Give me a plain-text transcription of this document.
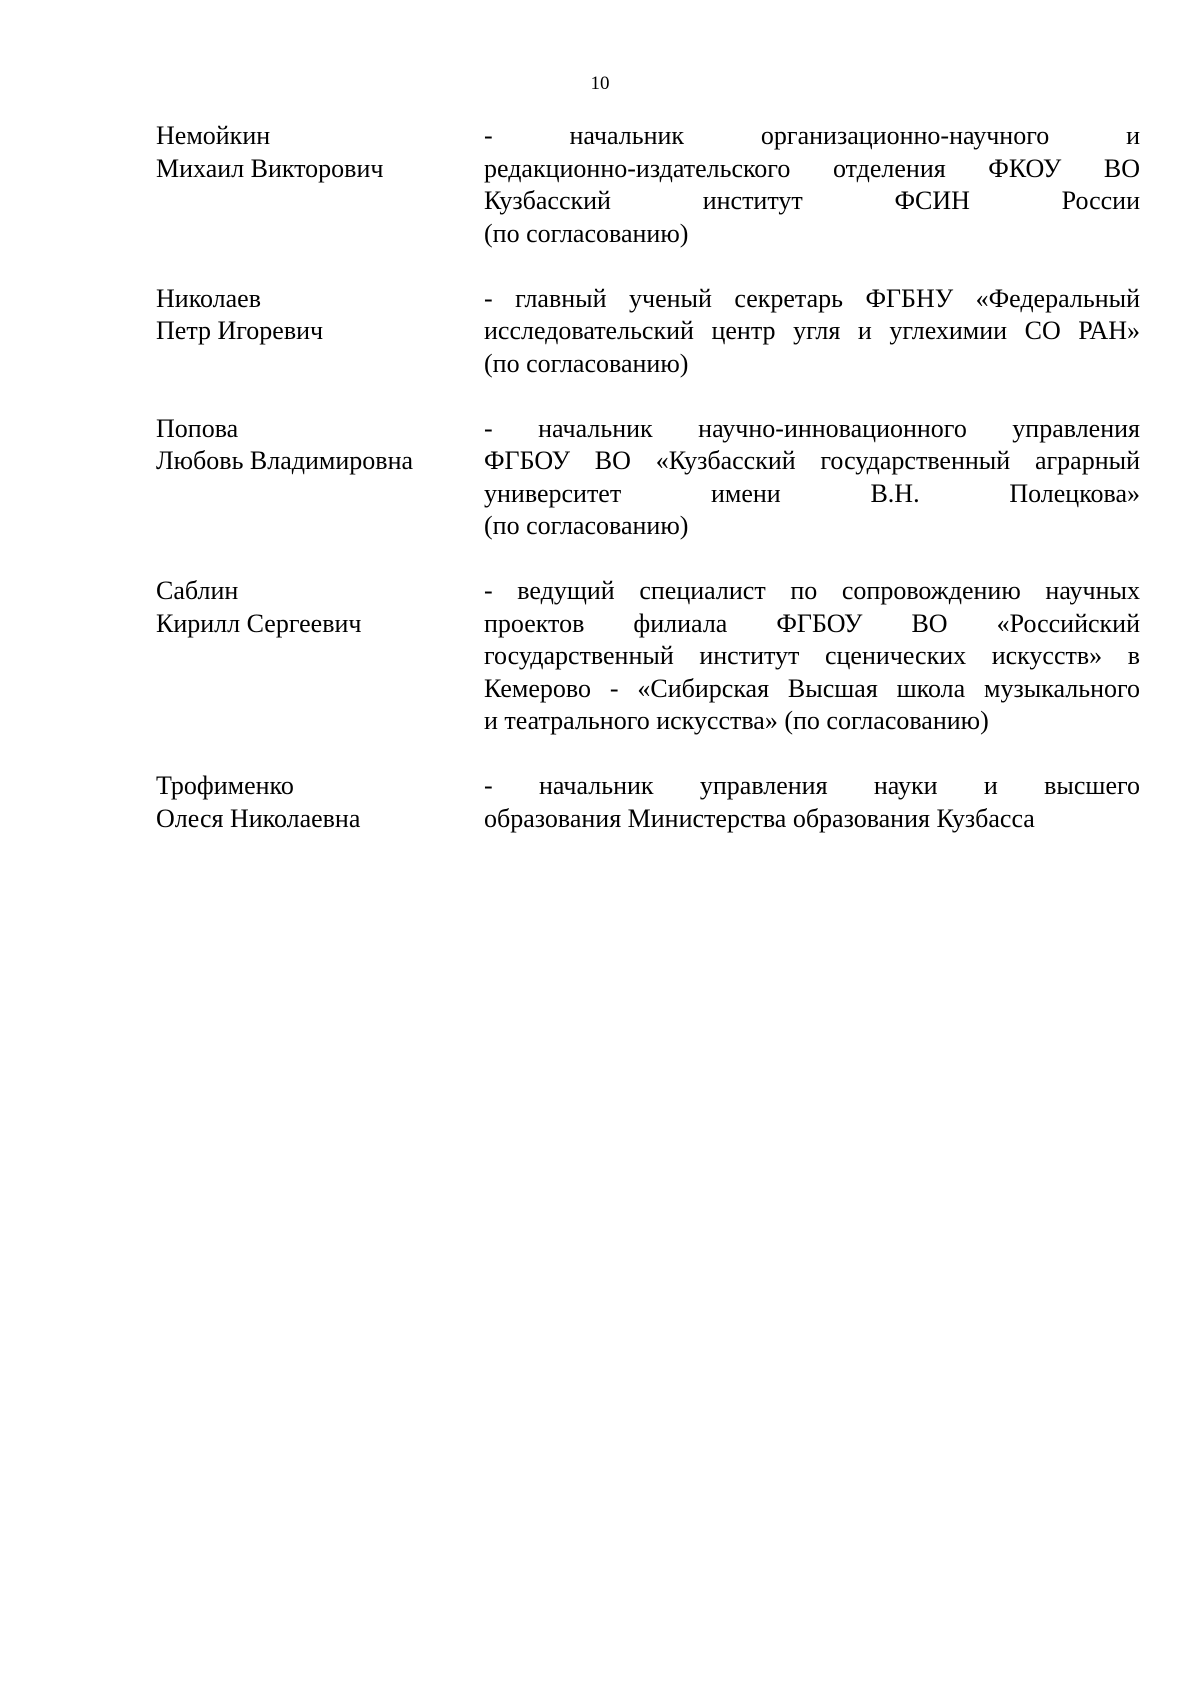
10
Немойкин
Михаил Викторович
- начальник организационно-научного и
редакционно-издательского отделения ФКОУ ВО
Кузбасский институт ФСИН России
(по согласованию)
Николаев
Петр Игоревич
- главный ученый секретарь ФГБНУ «Федеральный
исследовательский центр угля и углехимии СО РАН»
(по согласованию)
Попова
Любовь Владимировна
- начальник научно-инновационного управления
ФГБОУ ВО «Кузбасский государственный аграрный
университет имени В.Н. Полецкова»
(по согласованию)
Саблин
Кирилл Сергеевич
- ведущий специалист по сопровождению научных
проектов филиала ФГБОУ ВО «Российский
государственный институт сценических искусств» в
Кемерово - «Сибирская Высшая школа музыкального
и театрального искусства» (по согласованию)
Трофименко
Олеся Николаевна
- начальник управления науки и высшего
образования Министерства образования Кузбасса
